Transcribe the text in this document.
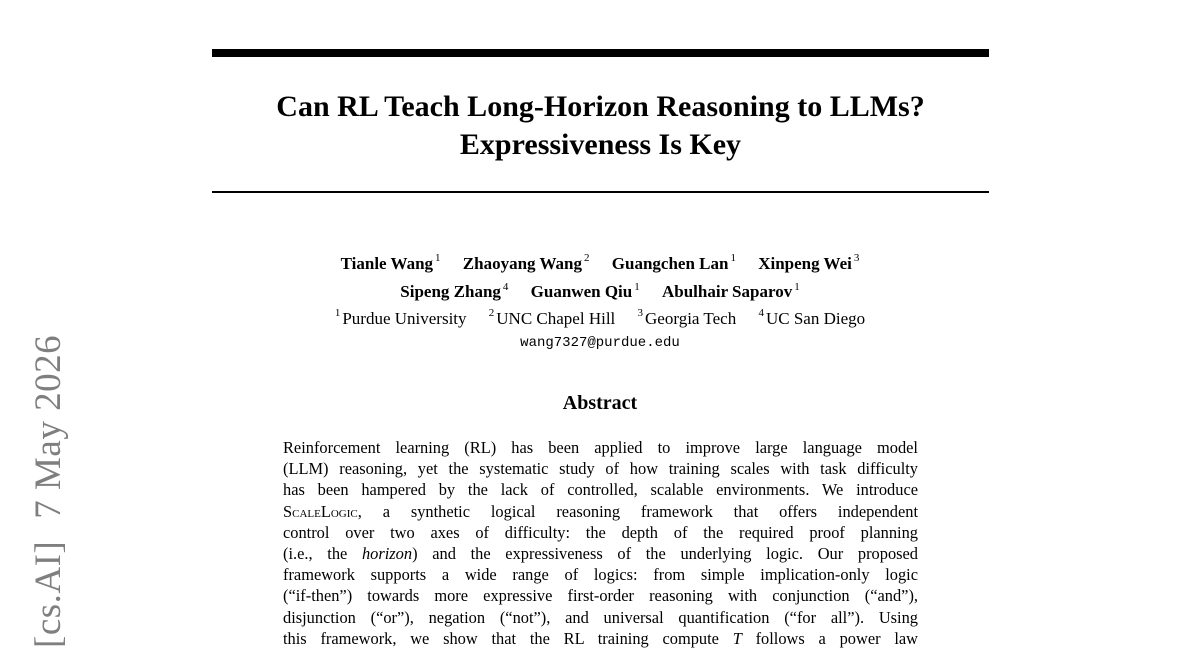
[cs.AI]7 May 2026
Can RL Teach Long-Horizon Reasoning to LLMs?
Expressiveness Is Key
Tianle Wang $^1$ Zhaoyang Wang $^2$ Guangchen Lan $^1$ Xinpeng Wei $^3$
Sipeng Zhang $^4$ Guanwen Qiu $^1$ Abulhair Saparov $^1$
$^1$ Purdue University $^2$ UNC Chapel Hill $^3$ Georgia Tech $^4$ UC San Diego
wang7327@purdue.edu
Abstract
Reinforcement learning (RL) has been applied to improve large language model
(LLM) reasoning, yet the systematic study of how training scales with task difficulty
has been hampered by the lack of controlled, scalable environments. We introduce
ScaleLogic, a synthetic logical reasoning framework that offers independent
control over two axes of difficulty: the depth of the required proof planning
(i.e., the horizon) and the expressiveness of the underlying logic. Our proposed
framework supports a wide range of logics: from simple implication-only logic
(“if-then”) towards more expressive first-order reasoning with conjunction (“and”),
disjunction (“or”), negation (“not”), and universal quantification (“for all”). Using
this framework, we show that the RL training compute T follows a power law
